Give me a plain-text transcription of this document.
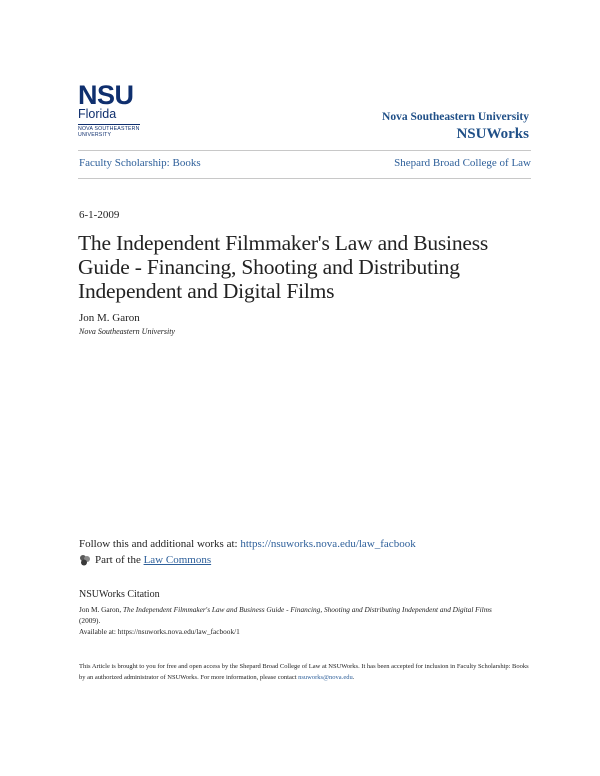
NSU
Florida
NOVA SOUTHEASTERN
UNIVERSITY
Nova Southeastern University
NSUWorks
Faculty Scholarship: Books	Shepard Broad College of Law
6-1-2009
The Independent Filmmaker's Law and Business Guide - Financing, Shooting and Distributing Independent and Digital Films
Jon M. Garon
Nova Southeastern University
Follow this and additional works at: https://nsuworks.nova.edu/law_facbook
Part of the
Law Commons
NSUWorks Citation
Jon M. Garon, The Independent Filmmaker's Law and Business Guide - Financing, Shooting and Distributing Independent and Digital Films
(2009).
Available at: https://nsuworks.nova.edu/law_facbook/1
This Article is brought to you for free and open access by the Shepard Broad College of Law at NSUWorks. It has been accepted for inclusion in Faculty Scholarship: Books by an authorized administrator of NSUWorks. For more information, please contact nsuworks@nova.edu.
